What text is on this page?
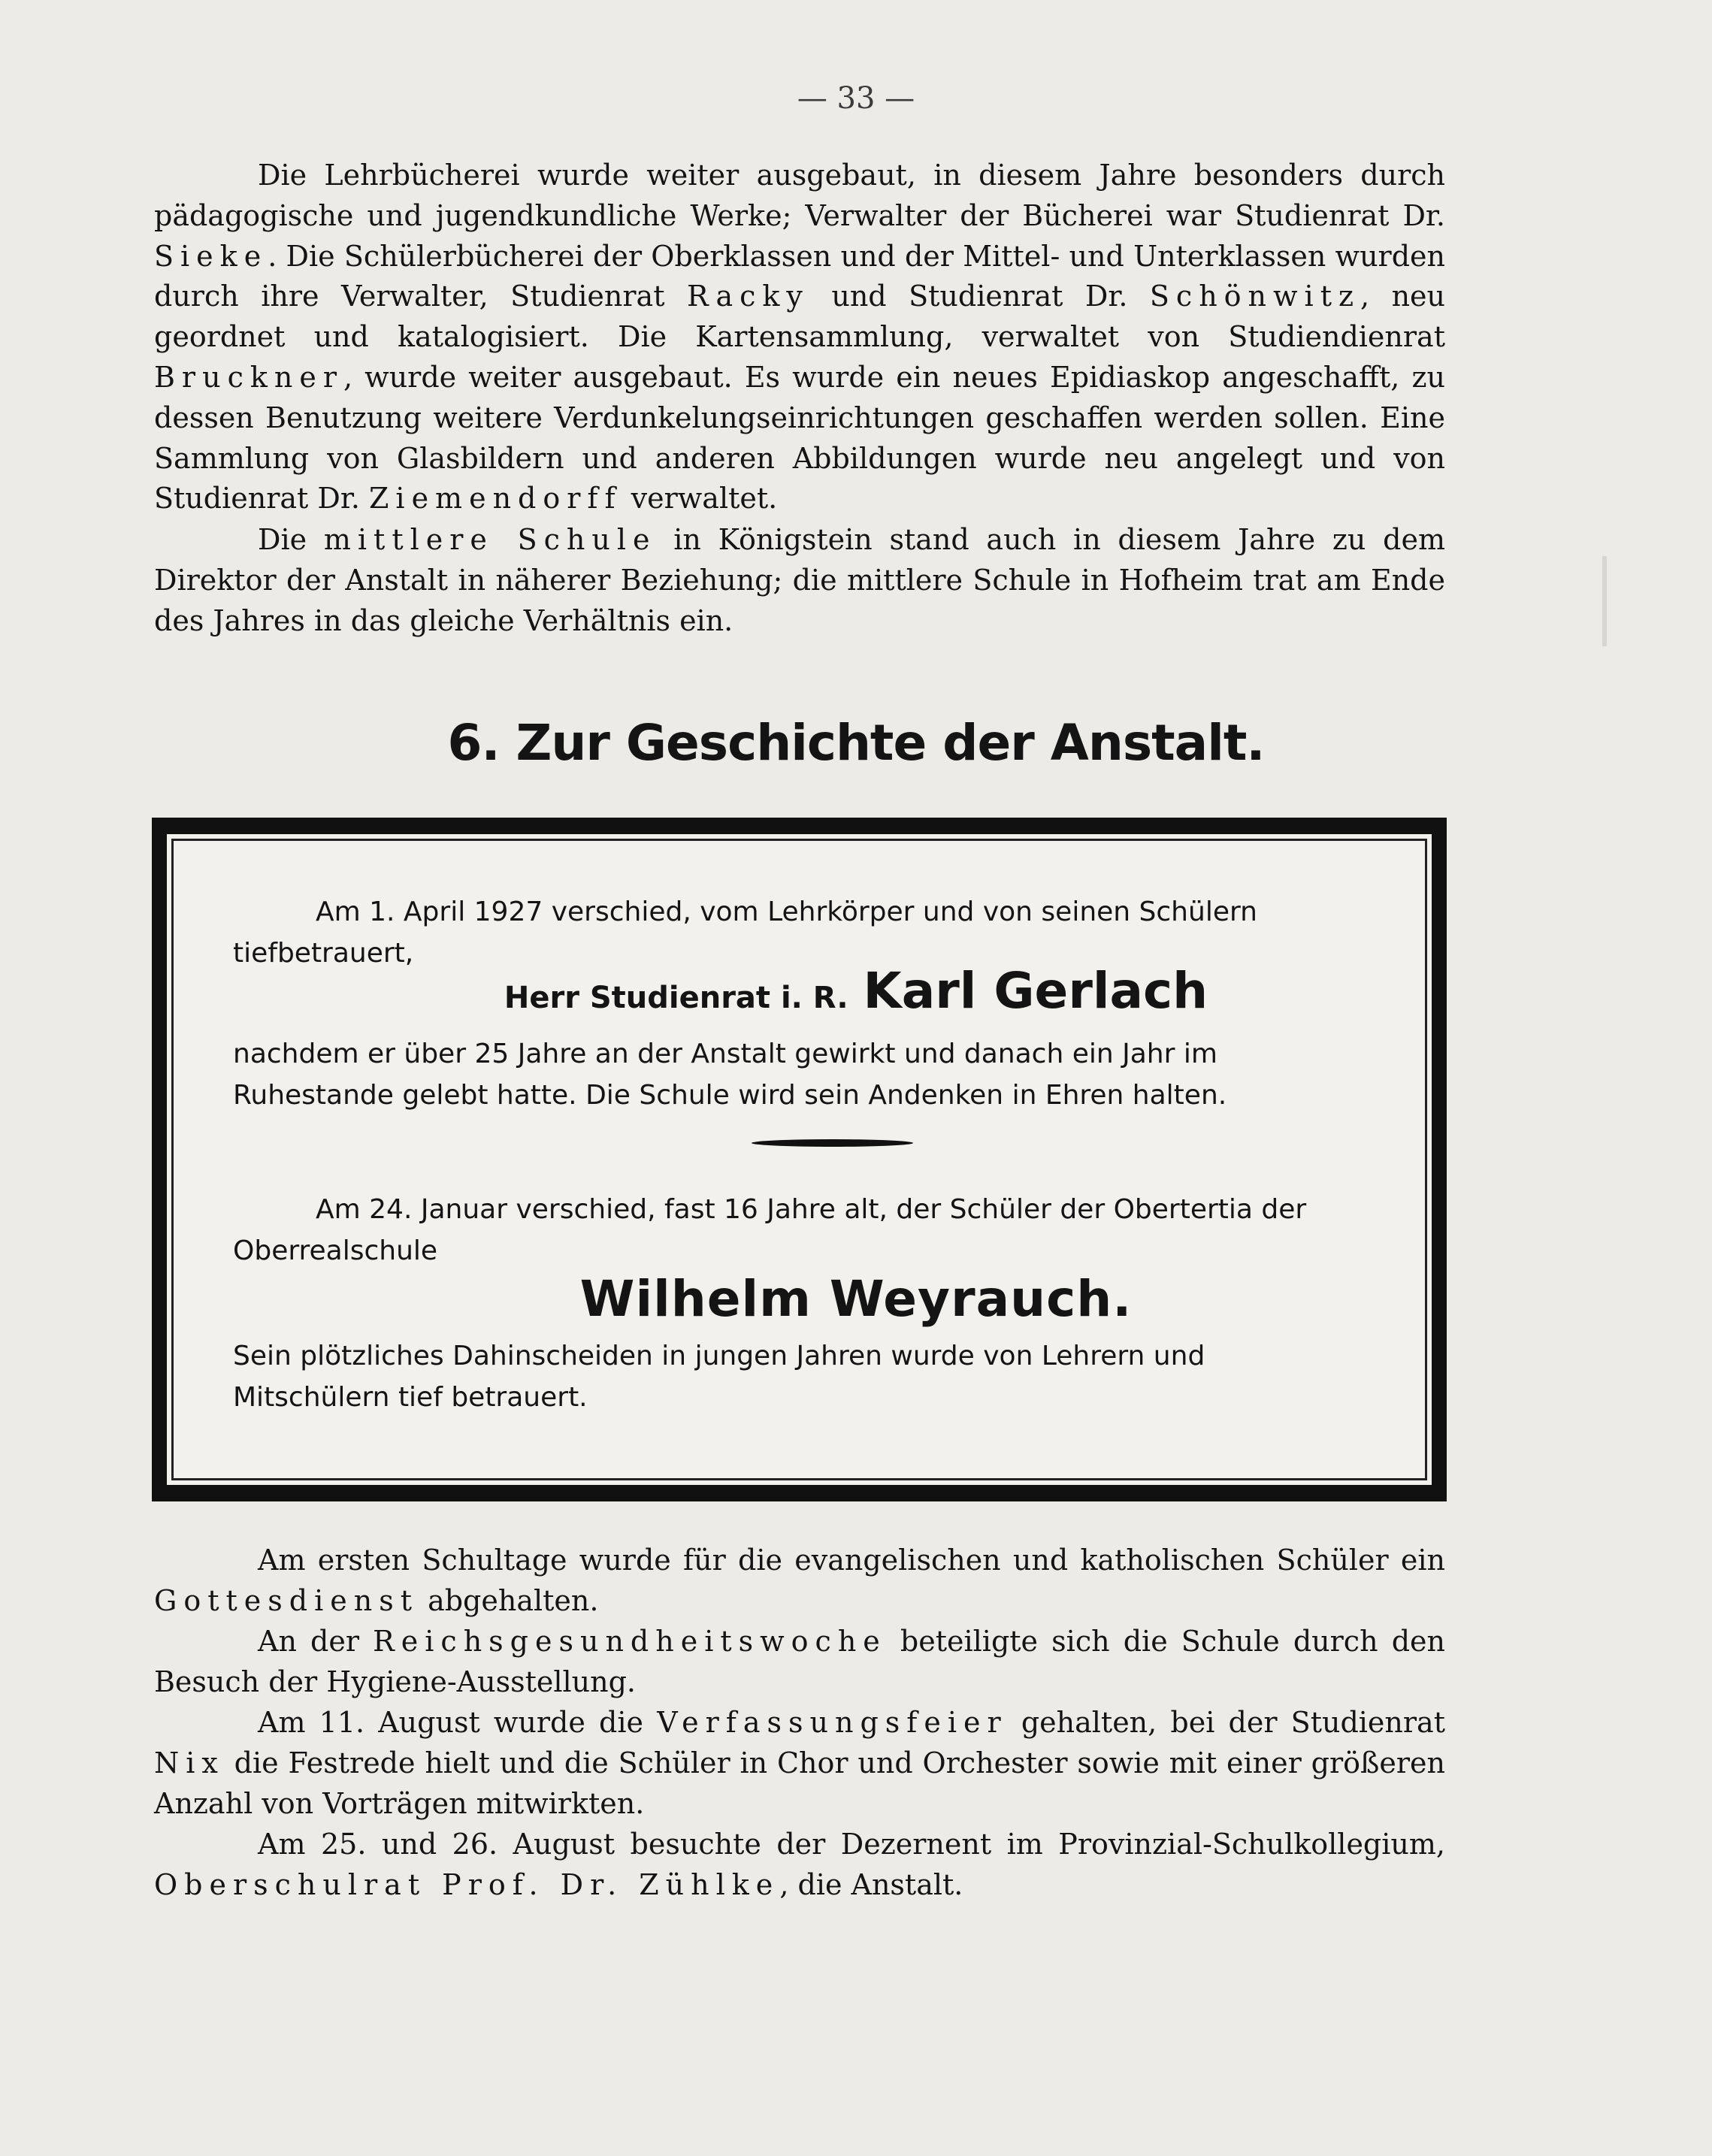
— 33 —

Die Lehrbücherei wurde weiter ausgebaut, in diesem Jahre besonders durch pädagogische und jugendkundliche Werke; Verwalter der Bücherei war Studienrat Dr. Sieke. Die Schülerbücherei der Oberklassen und der Mittel- und Unterklassen wurden durch ihre Verwalter, Studienrat Racky und Studienrat Dr. Schönwitz, neu geordnet und katalogisiert. Die Kartensammlung, verwaltet von Studiendienrat Bruckner, wurde weiter ausgebaut. Es wurde ein neues Epidiaskop angeschafft, zu dessen Benutzung weitere Verdunkelungseinrichtungen geschaffen werden sollen. Eine Sammlung von Glasbildern und anderen Abbildungen wurde neu angelegt und von Studienrat Dr. Ziemendorff verwaltet.

Die mittlere Schule in Königstein stand auch in diesem Jahre zu dem Direktor der Anstalt in näherer Beziehung; die mittlere Schule in Hofheim trat am Ende des Jahres in das gleiche Verhältnis ein.

6. Zur Geschichte der Anstalt.

Am 1. April 1927 verschied, vom Lehrkörper und von seinen Schülern tiefbetrauert,

Herr Studienrat i. R. Karl Gerlach

nachdem er über 25 Jahre an der Anstalt gewirkt und danach ein Jahr im Ruhestande gelebt hatte. Die Schule wird sein Andenken in Ehren halten.

Am 24. Januar verschied, fast 16 Jahre alt, der Schüler der Obertertia der Oberrealschule

Wilhelm Weyrauch.

Sein plötzliches Dahinscheiden in jungen Jahren wurde von Lehrern und Mitschülern tief betrauert.

Am ersten Schultage wurde für die evangelischen und katholischen Schüler ein Gottesdienst abgehalten.

An der Reichsgesundheitswoche beteiligte sich die Schule durch den Besuch der Hygiene-Ausstellung.

Am 11. August wurde die Verfassungsfeier gehalten, bei der Studienrat Nix die Festrede hielt und die Schüler in Chor und Orchester sowie mit einer größeren Anzahl von Vorträgen mitwirkten.

Am 25. und 26. August besuchte der Dezernent im Provinzial-Schulkollegium, Oberschulrat Prof. Dr. Zühlke, die Anstalt.
